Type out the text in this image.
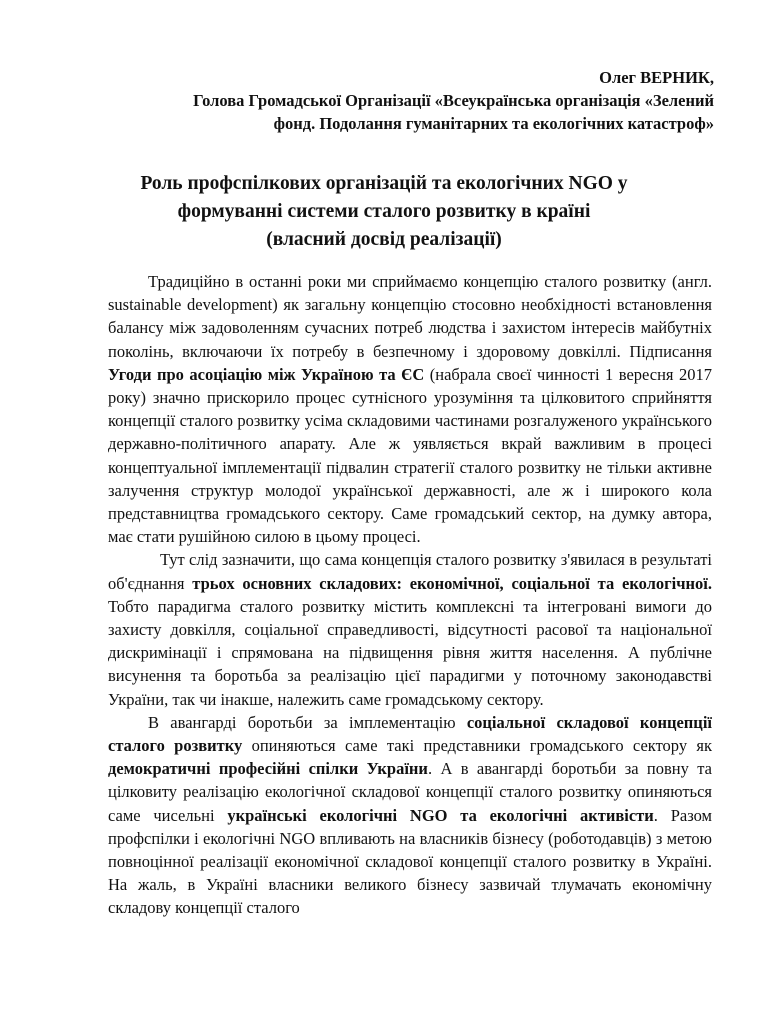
Олег ВЕРНИК,
Голова Громадської Організації «Всеукраїнська організація «Зелений
фонд. Подолання гуманітарних та екологічних катастроф»
Роль профспілкових організацій та екологічних NGO у
формуванні системи сталого розвитку в країні
(власний досвід реалізації)

Традиційно в останні роки ми сприймаємо концепцію сталого розвитку (англ. sustainable development) як загальну концепцію стосовно необхідності встановлення балансу між задоволенням сучасних потреб людства і захистом інтересів майбутніх поколінь, включаючи їх потребу в безпечному і здоровому довкіллі. Підписання Угоди про асоціацію між Україною та ЄС (набрала своєї чинності 1 вересня 2017 року) значно прискорило процес сутнісного урозуміння та цілковитого сприйняття концепції сталого розвитку усіма складовими частинами розгалуженого українського державно-політичного апарату. Але ж уявляється вкрай важливим в процесі концептуальної імплементації підвалин стратегії сталого розвитку не тільки активне залучення структур молодої української державності, але ж і широкого кола представництва громадського сектору. Саме громадський сектор, на думку автора, має стати рушійною силою в цьому процесі.

Тут слід зазначити, що сама концепція сталого розвитку з'явилася в результаті об'єднання трьох основних складових: економічної, соціальної та екологічної. Тобто парадигма сталого розвитку містить комплексні та інтегровані вимоги до захисту довкілля, соціальної справедливості, відсутності расової та національної дискримінації і спрямована на підвищення рівня життя населення. А публічне висунення та боротьба за реалізацію цієї парадигми у поточному законодавстві України, так чи інакше, належить саме громадському сектору.

В авангарді боротьби за імплементацію соціальної складової концепції сталого розвитку опиняються саме такі представники громадського сектору як демократичні професійні спілки України. А в авангарді боротьби за повну та цілковиту реалізацію екологічної складової концепції сталого розвитку опиняються саме чисельні українські екологічні NGO та екологічні активісти. Разом профспілки і екологічні NGO впливають на власників бізнесу (роботодавців) з метою повноцінної реалізації економічної складової концепції сталого розвитку в Україні. На жаль, в Україні власники великого бізнесу зазвичай тлумачать економічну складову концепції сталого
